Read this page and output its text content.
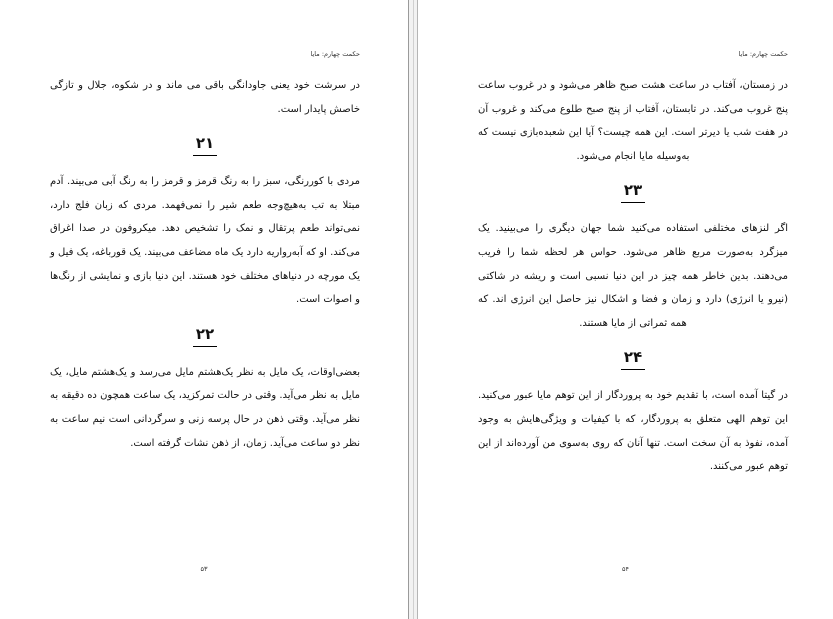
حکمت چهارم: مایا

در سرشت خود یعنی جاودانگی باقی می ماند و در شکوه، جلال و تازگی خاصش پایدار است.

۲۱

مردی با کوررنگی، سبز را به رنگ قرمز و قرمز را به رنگ آبی می‌بیند. آدم مبتلا به تب به‌هیچ‌وجه طعم شیر را نمی‌فهمد. مردی که زبان فلج دارد، نمی‌تواند طعم پرتقال و نمک را تشخیص دهد. میکروفون در صدا اغراق می‌کند. او که آبه‌رواریه دارد یک ماه مضاعف می‌بیند. یک قورباغه، یک فیل و یک مورچه در دنیاهای مختلف خود هستند. این دنیا بازی و نمایشی از رنگ‌ها و اصوات است.

۲۲

بعضی‌اوقات، یک مایل به نظر یک‌هشتم مایل می‌رسد و یک‌هشتم مایل، یک مایل به نظر می‌آید. وقتی در حالت تمرکزید، یک ساعت همچون ده دقیقه به نظر می‌آید. وقتی ذهن در حال پرسه زنی و سرگردانی است نیم ساعت به نظر دو ساعت می‌آید. زمان، از ذهن نشات گرفته است.

۵۳
حکمت چهارم: مایا

در زمستان، آفتاب در ساعت هشت صبح ظاهر می‌شود و در غروب ساعت پنج غروب می‌کند. در تابستان، آفتاب از پنج صبح طلوع می‌کند و غروب آن در هفت شب یا دیرتر است. این همه چیست؟ آیا این شعبده‌بازی نیست که به‌وسیله مایا انجام می‌شود.

۲۳

اگر لنزهای مختلفی استفاده می‌کنید شما جهان دیگری را می‌بینید. یک میزگرد به‌صورت مربع ظاهر می‌شود. حواس هر لحظه شما را فریب می‌دهند. بدین خاطر همه چیز در این دنیا نسبی است و ریشه در شاکتی (نیرو یا انرژی) دارد و زمان و فضا و اشکال نیز حاصل این انرژی اند. که همه ثمراتی از مایا هستند.

۲۴

در گیتا آمده است، با تقدیم خود به پروردگار از این توهم مایا عبور می‌کنید. این توهم الهی متعلق به پروردگار، که با کیفیات و ویژگی‌هایش به وجود آمده، نفوذ به آن سخت است. تنها آنان که روی به‌سوی من آورده‌اند از این توهم عبور می‌کنند.

۵۴
